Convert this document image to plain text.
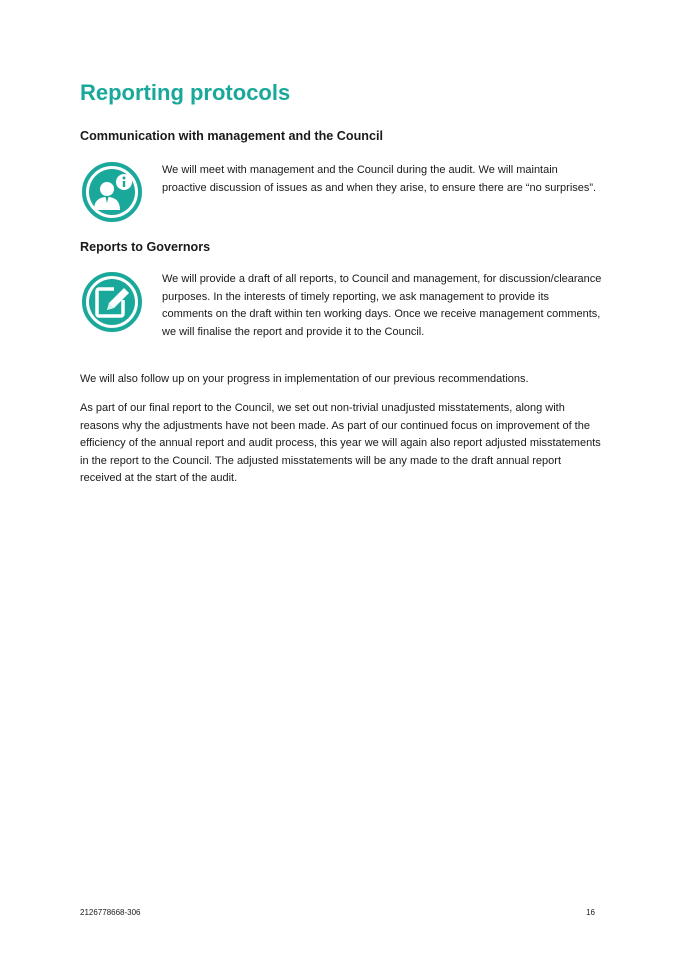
Reporting protocols
Communication with management and the Council

We will meet with management and the Council during the audit. We will maintain proactive discussion of issues as and when they arise, to ensure there are “no surprises”.

Reports to Governors

We will provide a draft of all reports, to Council and management, for discussion/clearance purposes. In the interests of timely reporting, we ask management to provide its comments on the draft within ten working days. Once we receive management comments, we will finalise the report and provide it to the Council.

We will also follow up on your progress in implementation of our previous recommendations.

As part of our final report to the Council, we set out non-trivial unadjusted misstatements, along with reasons why the adjustments have not been made. As part of our continued focus on improvement of the efficiency of the annual report and audit process, this year we will again also report adjusted misstatements in the report to the Council. The adjusted misstatements will be any made to the draft annual report received at the start of the audit.

2126778668-306	16
